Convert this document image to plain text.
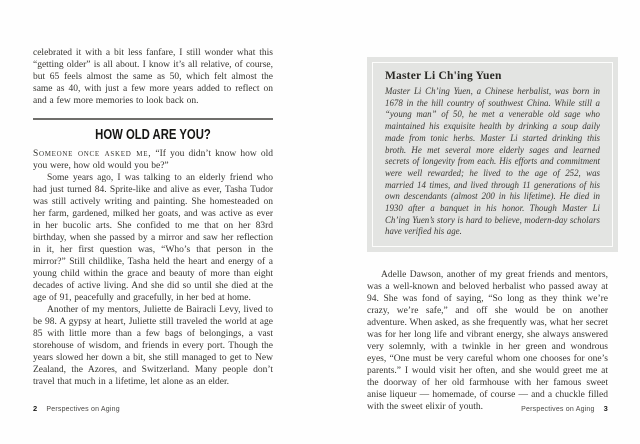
celebrated it with a bit less fanfare, I still wonder what this “getting older” is all about. I know it’s all relative, of course, but 65 feels almost the same as 50, which felt almost the same as 40, with just a few more years added to reflect on and a few more memories to look back on.

HOW OLD ARE YOU?

Someone once asked me, “If you didn’t know how old you were, how old would you be?”

Some years ago, I was talking to an elderly friend who had just turned 84. Sprite-like and alive as ever, Tasha Tudor was still actively writing and painting. She homesteaded on her farm, gardened, milked her goats, and was active as ever in her bucolic arts. She confided to me that on her 83rd birthday, when she passed by a mirror and saw her reflection in it, her first question was, “Who’s that person in the mirror?” Still childlike, Tasha held the heart and energy of a young child within the grace and beauty of more than eight decades of active living. And she did so until she died at the age of 91, peacefully and gracefully, in her bed at home.

Another of my mentors, Juliette de Bairacli Levy, lived to be 98. A gypsy at heart, Juliette still traveled the world at age 85 with little more than a few bags of belongings, a vast storehouse of wisdom, and friends in every port. Though the years slowed her down a bit, she still managed to get to New Zealand, the Azores, and Switzerland. Many people don’t travel that much in a lifetime, let alone as an elder.

Master Li Ch'ing Yuen

Master Li Ch’ing Yuen, a Chinese herbalist, was born in 1678 in the hill country of southwest China. While still a “young man” of 50, he met a venerable old sage who maintained his exquisite health by drinking a soup daily made from tonic herbs. Master Li started drinking this broth. He met several more elderly sages and learned secrets of longevity from each. His efforts and commitment were well rewarded; he lived to the age of 252, was married 14 times, and lived through 11 generations of his own descendants (almost 200 in his lifetime). He died in 1930 after a banquet in his honor. Though Master Li Ch’ing Yuen’s story is hard to believe, modern-day scholars have verified his age.

Adelle Dawson, another of my great friends and mentors, was a well-known and beloved herbalist who passed away at 94. She was fond of saying, “So long as they think we’re crazy, we’re safe,” and off she would be on another adventure. When asked, as she frequently was, what her secret was for her long life and vibrant energy, she always answered very solemnly, with a twinkle in her green and wondrous eyes, “One must be very careful whom one chooses for one’s parents.” I would visit her often, and she would greet me at the doorway of her old farmhouse with her famous sweet anise liqueur — homemade, of course — and a chuckle filled with the sweet elixir of youth.

2 Perspectives on Aging	Perspectives on Aging 3
